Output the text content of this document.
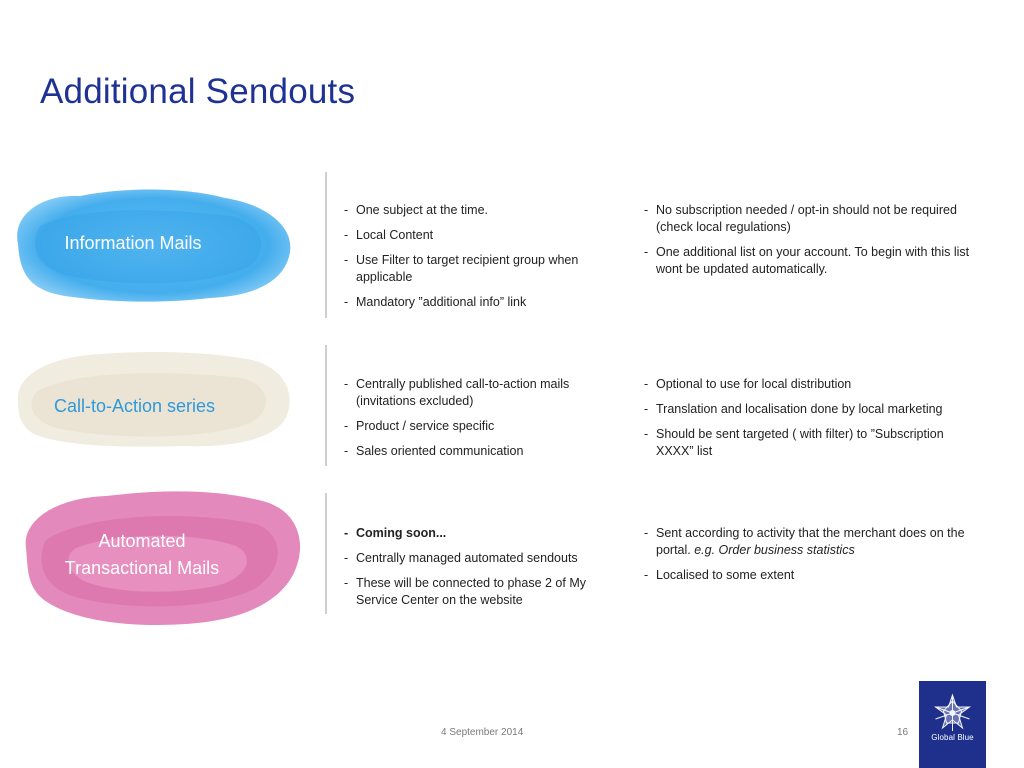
Additional Sendouts
Information Mails
- One subject at the time.
- Local Content
- Use Filter to target recipient group when applicable
- Mandatory ”additional info” link
- No subscription needed / opt-in should not be required (check local regulations)
- One additional list on your account. To begin with this list wont be updated automatically.
Call-to-Action series
- Centrally published call-to-action mails (invitations excluded)
- Product / service specific
- Sales oriented communication
- Optional to use for local distribution
- Translation and localisation done by local marketing
- Should be sent targeted ( with filter) to ”Subscription XXXX” list
Automated
Transactional Mails
- Coming soon...
- Centrally managed automated sendouts
- These will be connected to phase 2 of My Service Center on the website
- Sent according to activity that the merchant does on the portal. e.g. Order business statistics
- Localised to some extent
4 September 2014	16	Global Blue
